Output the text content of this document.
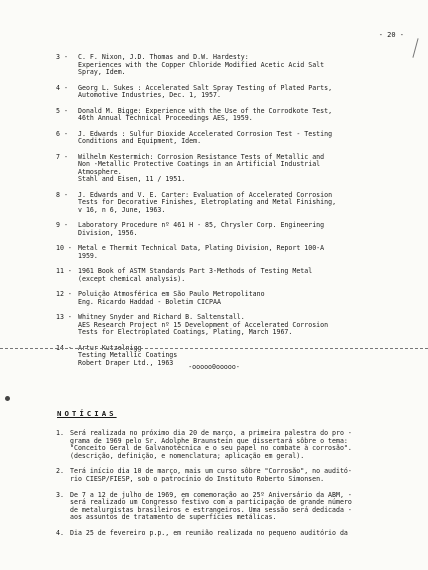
- 20 -
3 -	C. F. Nixon, J.D. Thomas and D.W. Hardesty:
Experiences with the Copper Chloride Modified Acetic Acid Salt
Spray, Idem.
4 -	Georg L. Sukes : Accelerated Salt Spray Testing of Plated Parts,
Automotive Industries, Dec. 1, 1957.
5 -	Donald M. Bigge: Experience with the Use of the Corrodkote Test,
46th Annual Technical Proceedings AES, 1959.
6 -	J. Edwards : Sulfur Dioxide Accelerated Corrosion Test - Testing
Conditions and Equipment, Idem.
7 -	Wilhelm Kestermich: Corrosion Resistance Tests of Metallic and
Non -Metallic Protective Coatings in an Artificial Industrial
Atmosphere.
Stahl and Eisen, 11 / 1951.
8 -	J. Edwards and V. E. Carter: Evaluation of Accelerated Corrosion
Tests for Decorative Finishes, Eletroplating and Metal Finishing,
v 16, n 6, June, 1963.
9 -	Laboratory Procedure nº 461 H - 85, Chrysler Corp. Engineering
Division, 1956.
10 - Metal e Thermit Technical Data, Plating Division, Report 100-A
1959.
11 - 1961 Book of ASTM Standards Part 3-Methods of Testing Metal
(except chemical analysis).
12 - Poluição Atmosférica em São Paulo Metropolitano
Eng. Ricardo Haddad - Boletim CICPAA
13 - Whitney Snyder and Richard B. Saltenstall.
AES Research Project nº 15 Development of Accelerated Corrosion
Tests for Electroplated Coatings, Plating, March 1967.
14 - Artur Kutzelnigg
Testing Metallic Coatings
Robert Draper Ltd., 1963
-ooooo0ooooo-
NOTÍCIAS
1. Será realizada no próximo dia 20 de março, a primeira palestra do pro -
grama de 1969 pelo Sr. Adolphe Braunstein que dissertará sôbre o tema:
"Conceito Geral de Galvanotécnica e o seu papel no combate à corrosão".
(descrição, definição, e nomenclatura; aplicação em geral).
2. Terá início dia 10 de março, mais um curso sôbre "Corrosão", no auditó-
rio CIESP/FIESP, sob o patrocínio do Instituto Roberto Simonsen.
3. De 7 a 12 de julho de 1969, em comemoração ao 25º Aniversário da ABM, -
será realizado um Congresso festivo com a participação de grande número
de metalurgistas brasileiros e estrangeiros. Uma sessão será dedicada -
aos assuntos de tratamento de superfícies metálicas.
4. Dia 25 de fevereiro p.p., em reunião realizada no pequeno auditório da
